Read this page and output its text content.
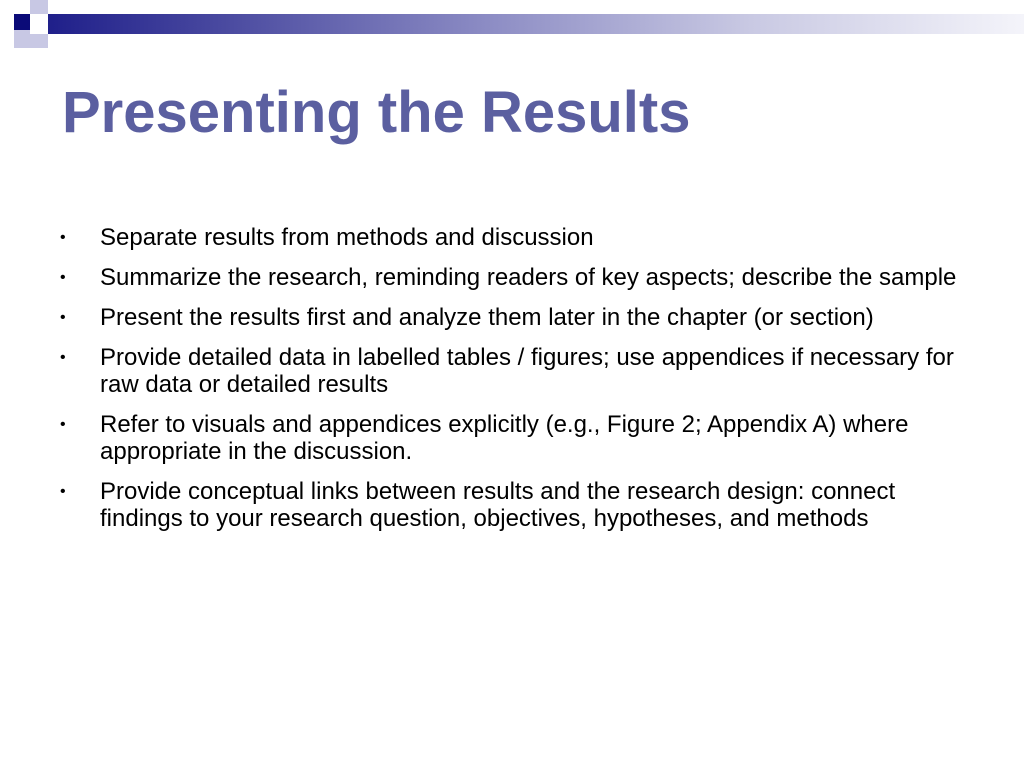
Presenting the Results
• Separate results from methods and discussion
• Summarize the research, reminding readers of key aspects; describe the sample
• Present the results first and analyze them later in the chapter (or section)
• Provide detailed data in labelled tables / figures; use appendices if necessary for raw data or detailed results
• Refer to visuals and appendices explicitly (e.g., Figure 2; Appendix A) where appropriate in the discussion.
• Provide conceptual links between results and the research design: connect findings to your research question, objectives, hypotheses, and methods
